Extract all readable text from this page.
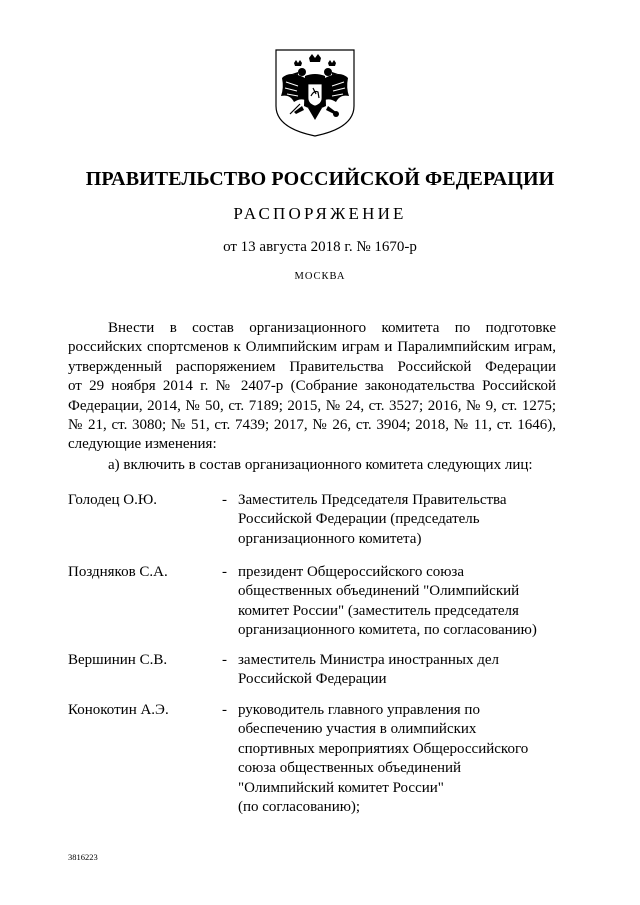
ПРАВИТЕЛЬСТВО РОССИЙСКОЙ ФЕДЕРАЦИИ
РАСПОРЯЖЕНИЕ
от 13 августа 2018 г. № 1670-р
МОСКВА
Внести в состав организационного комитета по подготовке
российских спортсменов к Олимпийским играм и Паралимпийским играм,
утвержденный распоряжением Правительства Российской Федерации
от 29 ноября 2014 г. № 2407-р (Собрание законодательства Российской
Федерации, 2014, № 50, ст. 7189; 2015, № 24, ст. 3527; 2016, № 9, ст. 1275;
№ 21, ст. 3080; № 51, ст. 7439; 2017, № 26, ст. 3904; 2018, № 11, ст. 1646),
следующие изменения:
а) включить в состав организационного комитета следующих лиц:
Голодец О.Ю.	- Заместитель Председателя Правительства
Российской Федерации (председатель
организационного комитета)
Поздняков С.А.	- президент Общероссийского союза
общественных объединений "Олимпийский
комитет России" (заместитель председателя
организационного комитета, по согласованию)
Вершинин С.В.	- заместитель Министра иностранных дел
Российской Федерации
Конокотин А.Э.	- руководитель главного управления по
обеспечению участия в олимпийских
спортивных мероприятиях Общероссийского
союза общественных объединений
"Олимпийский комитет России"
(по согласованию);
3816223
